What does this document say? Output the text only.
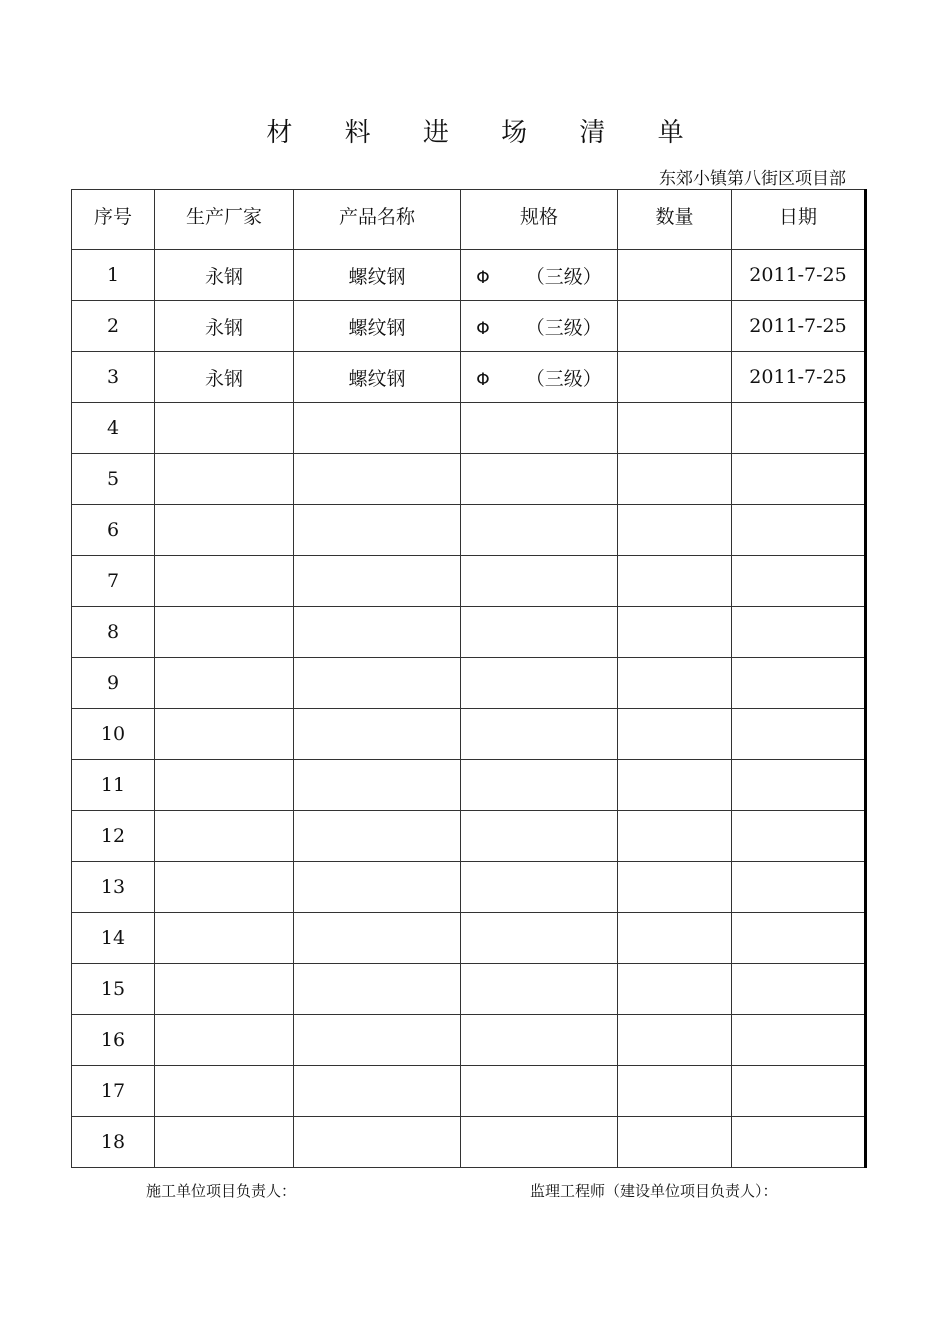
材 料 进 场 清 单
东郊小镇第八街区项目部
序号	生产厂家	产品名称	规格	数量	日期
1	永钢	螺纹钢	Φ （三级）		2011-7-25
2	永钢	螺纹钢	Φ （三级）		2011-7-25
3	永钢	螺纹钢	Φ （三级）		2011-7-25
4					
5					
6					
7					
8					
9					
10					
11					
12					
13					
14					
15					
16					
17					
18					
施工单位项目负责人：	监理工程师（建设单位项目负责人）：
